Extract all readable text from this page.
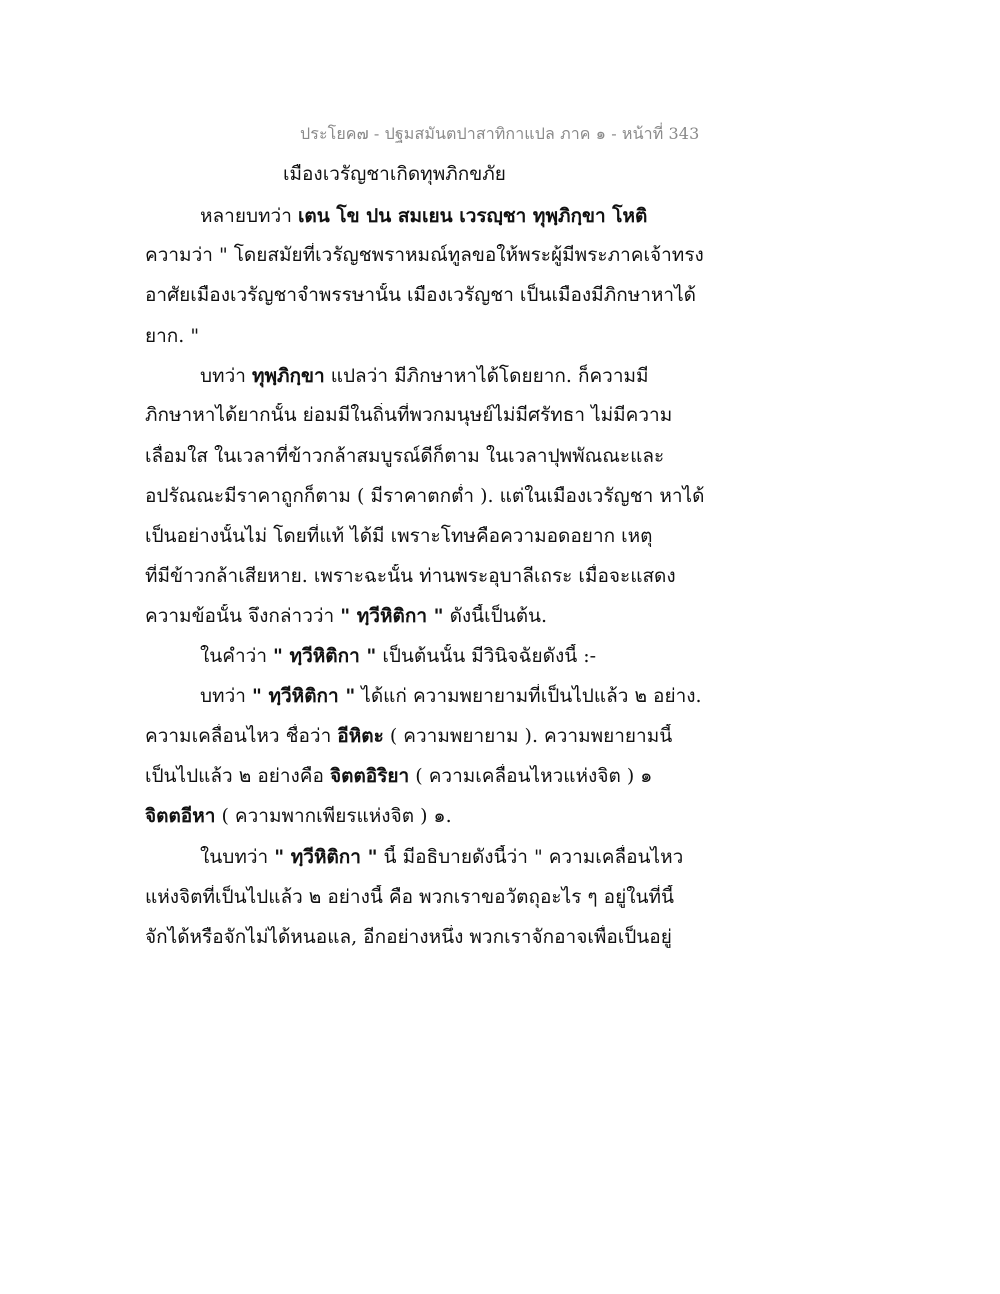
ประโยค๗ - ปฐมสมันตปาสาทิกาแปล ภาค ๑ - หน้าที่ 343
เมืองเวรัญชาเกิดทุพภิกขภัย
หลายบทว่า เตน โข ปน สมเยน เวรญฺชา ทุพฺภิกฺขา โหติ
ความว่า " โดยสมัยที่เวรัญชพราหมณ์ทูลขอให้พระผู้มีพระภาคเจ้าทรง
อาศัยเมืองเวรัญชาจำพรรษานั้น เมืองเวรัญชา เป็นเมืองมีภิกษาหาได้
ยาก. "
บทว่า ทุพฺภิกฺขา แปลว่า มีภิกษาหาได้โดยยาก. ก็ความมี
ภิกษาหาได้ยากนั้น ย่อมมีในถิ่นที่พวกมนุษย์ไม่มีศรัทธา ไม่มีความ
เลื่อมใส ในเวลาที่ข้าวกล้าสมบูรณ์ดีก็ตาม ในเวลาปุพพัณณะและ
อปรัณณะมีราคาถูกก็ตาม ( มีราคาตกต่ำ ). แต่ในเมืองเวรัญชา หาได้
เป็นอย่างนั้นไม่ โดยที่แท้ ได้มี เพราะโทษคือความอดอยาก เหตุ
ที่มีข้าวกล้าเสียหาย. เพราะฉะนั้น ท่านพระอุบาลีเถระ เมื่อจะแสดง
ความข้อนั้น จึงกล่าวว่า " ทฺวีหิติกา " ดังนี้เป็นต้น.
ในคำว่า " ทฺวีหิติกา " เป็นต้นนั้น มีวินิจฉัยดังนี้ :-
บทว่า " ทฺวีหิติกา " ได้แก่ ความพยายามที่เป็นไปแล้ว ๒ อย่าง.
ความเคลื่อนไหว ชื่อว่า อีหิตะ ( ความพยายาม ). ความพยายามนี้
เป็นไปแล้ว ๒ อย่างคือ จิตตอิริยา ( ความเคลื่อนไหวแห่งจิต ) ๑
จิตตอีหา ( ความพากเพียรแห่งจิต ) ๑.
ในบทว่า " ทฺวีหิติกา " นี้ มีอธิบายดังนี้ว่า " ความเคลื่อนไหว
แห่งจิตที่เป็นไปแล้ว ๒ อย่างนี้ คือ พวกเราขอวัตถุอะไร ๆ อยู่ในที่นี้
จักได้หรือจักไม่ได้หนอแล, อีกอย่างหนึ่ง พวกเราจักอาจเพื่อเป็นอยู่
